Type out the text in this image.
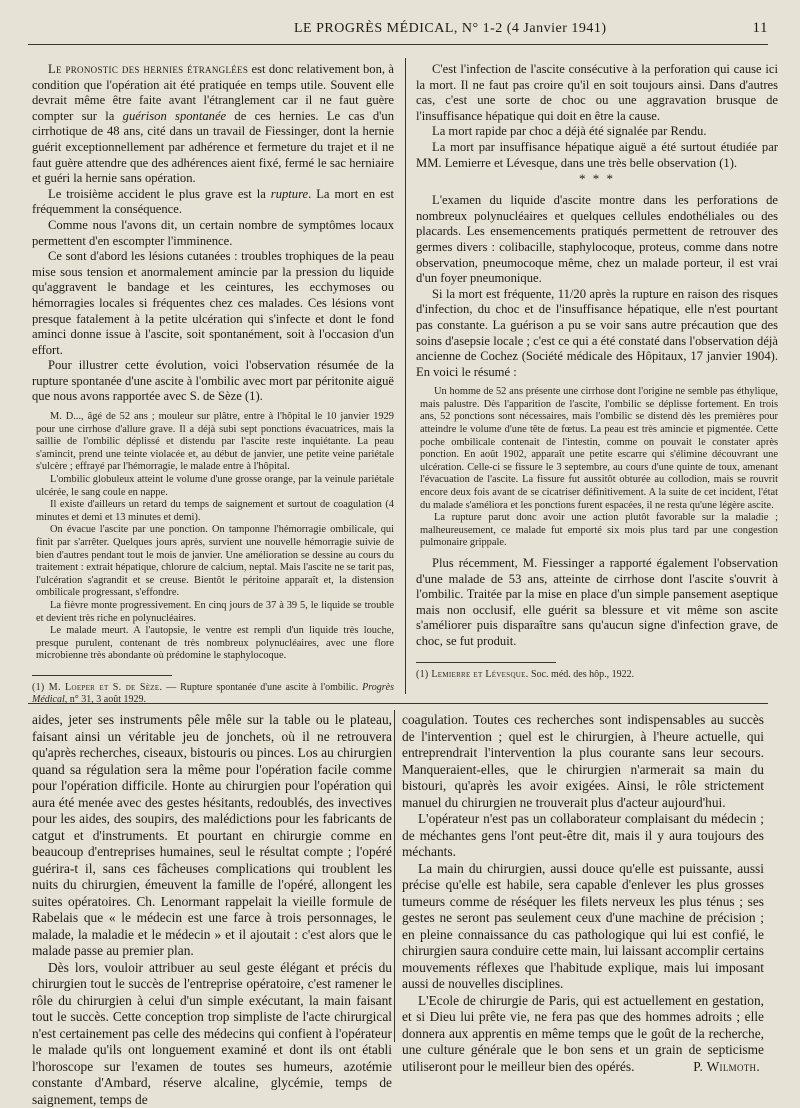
LE PROGRÈS MÉDICAL, N° 1-2 (4 Janvier 1941)	11

Le pronostic des hernies étranglées est donc relativement bon, à condition que l'opération ait été pratiquée en temps utile. Souvent elle devrait même être faite avant l'étranglement car il ne faut guère compter sur la guérison spontanée de ces hernies. Le cas d'un cirrhotique de 48 ans, cité dans un travail de Fiessinger, dont la hernie guérit exceptionnellement par adhérence et fermeture du trajet et il ne faut guère attendre que des adhérences aient fixé, fermé le sac herniaire et guéri la hernie sans opération.

Le troisième accident le plus grave est la rupture. La mort en est fréquemment la conséquence.

Comme nous l'avons dit, un certain nombre de symptômes locaux permettent d'en escompter l'imminence.

Ce sont d'abord les lésions cutanées : troubles trophiques de la peau mise sous tension et anormalement amincie par la pression du liquide qu'aggravent le bandage et les ceintures, les ecchymoses ou hémorragies locales si fréquentes chez ces malades. Ces lésions vont presque fatalement à la petite ulcération qui s'infecte et dont le fond aminci donne issue à l'ascite, soit spontanément, soit à l'occasion d'un effort.

Pour illustrer cette évolution, voici l'observation résumée de la rupture spontanée d'une ascite à l'ombilic avec mort par péritonite aiguë que nous avons rapportée avec S. de Sèze (1).

M. D..., âgé de 52 ans ; mouleur sur plâtre, entre à l'hôpital le 10 janvier 1929 pour une cirrhose d'allure grave. Il a déjà subi sept ponctions évacuatrices, mais la saillie de l'ombilic déplissé et distendu par l'ascite reste inquiétante. La peau s'amincit, prend une teinte violacée et, au début de janvier, une petite veine pariétale s'ulcère ; effrayé par l'hémorragie, le malade entre à l'hôpital.

L'ombilic globuleux atteint le volume d'une grosse orange, par la veinule pariétale ulcérée, le sang coule en nappe.

Il existe d'ailleurs un retard du temps de saignement et surtout de coagulation (4 minutes et demi et 13 minutes et demi).

On évacue l'ascite par une ponction. On tamponne l'hémorragie ombilicale, qui finit par s'arrêter. Quelques jours après, survient une nouvelle hémorragie suivie de bien d'autres pendant tout le mois de janvier. Une amélioration se dessine au cours du traitement : extrait hépatique, chlorure de calcium, neptal. Mais l'ascite ne se tarit pas, l'ulcération s'agrandit et se creuse. Bientôt le péritoine apparaît et, la distension ombilicale progressant, s'effondre.

La fièvre monte progressivement. En cinq jours de 37 à 39 5, le liquide se trouble et devient très riche en polynucléaires.

Le malade meurt. A l'autopsie, le ventre est rempli d'un liquide très louche, presque purulent, contenant de très nombreux polynucléaires, avec une flore microbienne très abondante où prédomine le staphylocoque.

(1) M. Loeper et S. de Sèze. — Rupture spontanée d'une ascite à l'ombilic. Progrès Médical, n° 31, 3 août 1929.

C'est l'infection de l'ascite consécutive à la perforation qui cause ici la mort. Il ne faut pas croire qu'il en soit toujours ainsi. Dans d'autres cas, c'est une sorte de choc ou une aggravation brusque de l'insuffisance hépatique qui doit en être la cause.

La mort rapide par choc a déjà été signalée par Rendu.

La mort par insuffisance hépatique aiguë a été surtout étudiée par MM. Lemierre et Lévesque, dans une très belle observation (1).

* * *

L'examen du liquide d'ascite montre dans les perforations de nombreux polynucléaires et quelques cellules endothéliales ou des placards. Les ensemencements pratiqués permettent de retrouver des germes divers : colibacille, staphylocoque, proteus, comme dans notre observation, pneumocoque même, chez un malade porteur, il est vrai d'un foyer pneumonique.

Si la mort est fréquente, 11/20 après la rupture en raison des risques d'infection, du choc et de l'insuffisance hépatique, elle n'est pourtant pas constante. La guérison a pu se voir sans autre précaution que des soins d'asepsie locale ; c'est ce qui a été constaté dans l'observation déjà ancienne de Cochez (Société médicale des Hôpitaux, 17 janvier 1904). En voici le résumé :

Un homme de 52 ans présente une cirrhose dont l'origine ne semble pas éthylique, mais palustre. Dès l'apparition de l'ascite, l'ombilic se déplisse fortement. En trois ans, 52 ponctions sont nécessaires, mais l'ombilic se distend dès les premières pour atteindre le volume d'une tête de fœtus. La peau est très amincie et pigmentée. Cette poche ombilicale contenait de l'intestin, comme on pouvait le constater après ponction. En août 1902, apparaît une petite escarre qui s'élimine découvrant une ulcération. Celle-ci se fissure le 3 septembre, au cours d'une quinte de toux, amenant l'évacuation de l'ascite. La fissure fut aussitôt obturée au collodion, mais se rouvrit encore deux fois avant de se cicatriser définitivement. A la suite de cet incident, l'état du malade s'améliora et les ponctions furent espacées, il ne resta qu'une légère ascite.

La rupture parut donc avoir une action plutôt favorable sur la maladie ; malheureusement, ce malade fut emporté six mois plus tard par une congestion pulmonaire grippale.

Plus récemment, M. Fiessinger a rapporté également l'observation d'une malade de 53 ans, atteinte de cirrhose dont l'ascite s'ouvrit à l'ombilic. Traitée par la mise en place d'un simple pansement aseptique mais non occlusif, elle guérit sa blessure et vit même son ascite s'améliorer puis disparaître sans qu'aucun signe d'infection grave, de choc, se fut produit.

(1) Lemierre et Lévesque. Soc. méd. des hôp., 1922.

aides, jeter ses instruments pêle mêle sur la table ou le plateau, faisant ainsi un véritable jeu de jonchets, où il ne retrouvera qu'après recherches, ciseaux, bistouris ou pinces. Los au chirurgien quand sa régulation sera la même pour l'opération facile comme pour l'opération difficile. Honte au chirurgien pour l'opération qui aura été menée avec des gestes hésitants, redoublés, des invectives pour les aides, des soupirs, des malédictions pour les fabricants de catgut et d'instruments. Et pourtant en chirurgie comme en beaucoup d'entreprises humaines, seul le résultat compte ; l'opéré guérira-t il, sans ces fâcheuses complications qui troublent les nuits du chirurgien, émeuvent la famille de l'opéré, allongent les suites opératoires. Ch. Lenormant rappelait la vieille formule de Rabelais que « le médecin est une farce à trois personnages, le malade, la maladie et le médecin » et il ajoutait : c'est alors que le malade passe au premier plan.

Dès lors, vouloir attribuer au seul geste élégant et précis du chirurgien tout le succès de l'entreprise opératoire, c'est ramener le rôle du chirurgien à celui d'un simple exécutant, la main faisant tout le succès. Cette conception trop simpliste de l'acte chirurgical n'est certainement pas celle des médecins qui confient à l'opérateur le malade qu'ils ont longuement examiné et dont ils ont établi l'horoscope sur l'examen de toutes ses humeurs, azotémie constante d'Ambard, réserve alcaline, glycémie, temps de saignement, temps de

coagulation. Toutes ces recherches sont indispensables au succès de l'intervention ; quel est le chirurgien, à l'heure actuelle, qui entreprendrait l'intervention la plus courante sans leur secours. Manqueraient-elles, que le chirurgien n'armerait sa main du bistouri, qu'après les avoir exigées. Ainsi, le rôle strictement manuel du chirurgien ne trouverait plus d'acteur aujourd'hui.

L'opérateur n'est pas un collaborateur complaisant du médecin ; de méchantes gens l'ont peut-être dit, mais il y aura toujours des méchants.

La main du chirurgien, aussi douce qu'elle est puissante, aussi précise qu'elle est habile, sera capable d'enlever les plus grosses tumeurs comme de réséquer les filets nerveux les plus ténus ; ses gestes ne seront pas seulement ceux d'une machine de précision ; en pleine connaissance du cas pathologique qui lui est confié, le chirurgien saura conduire cette main, lui laissant accomplir certains mouvements réflexes que l'habitude explique, mais lui imposant aussi de nouvelles disciplines.

L'Ecole de chirurgie de Paris, qui est actuellement en gestation, et si Dieu lui prête vie, ne fera pas que des hommes adroits ; elle donnera aux apprentis en même temps que le goût de la recherche, une culture générale que le bon sens et un grain de septicisme utiliseront pour le meilleur bien des opérés.	P. Wilmoth.
